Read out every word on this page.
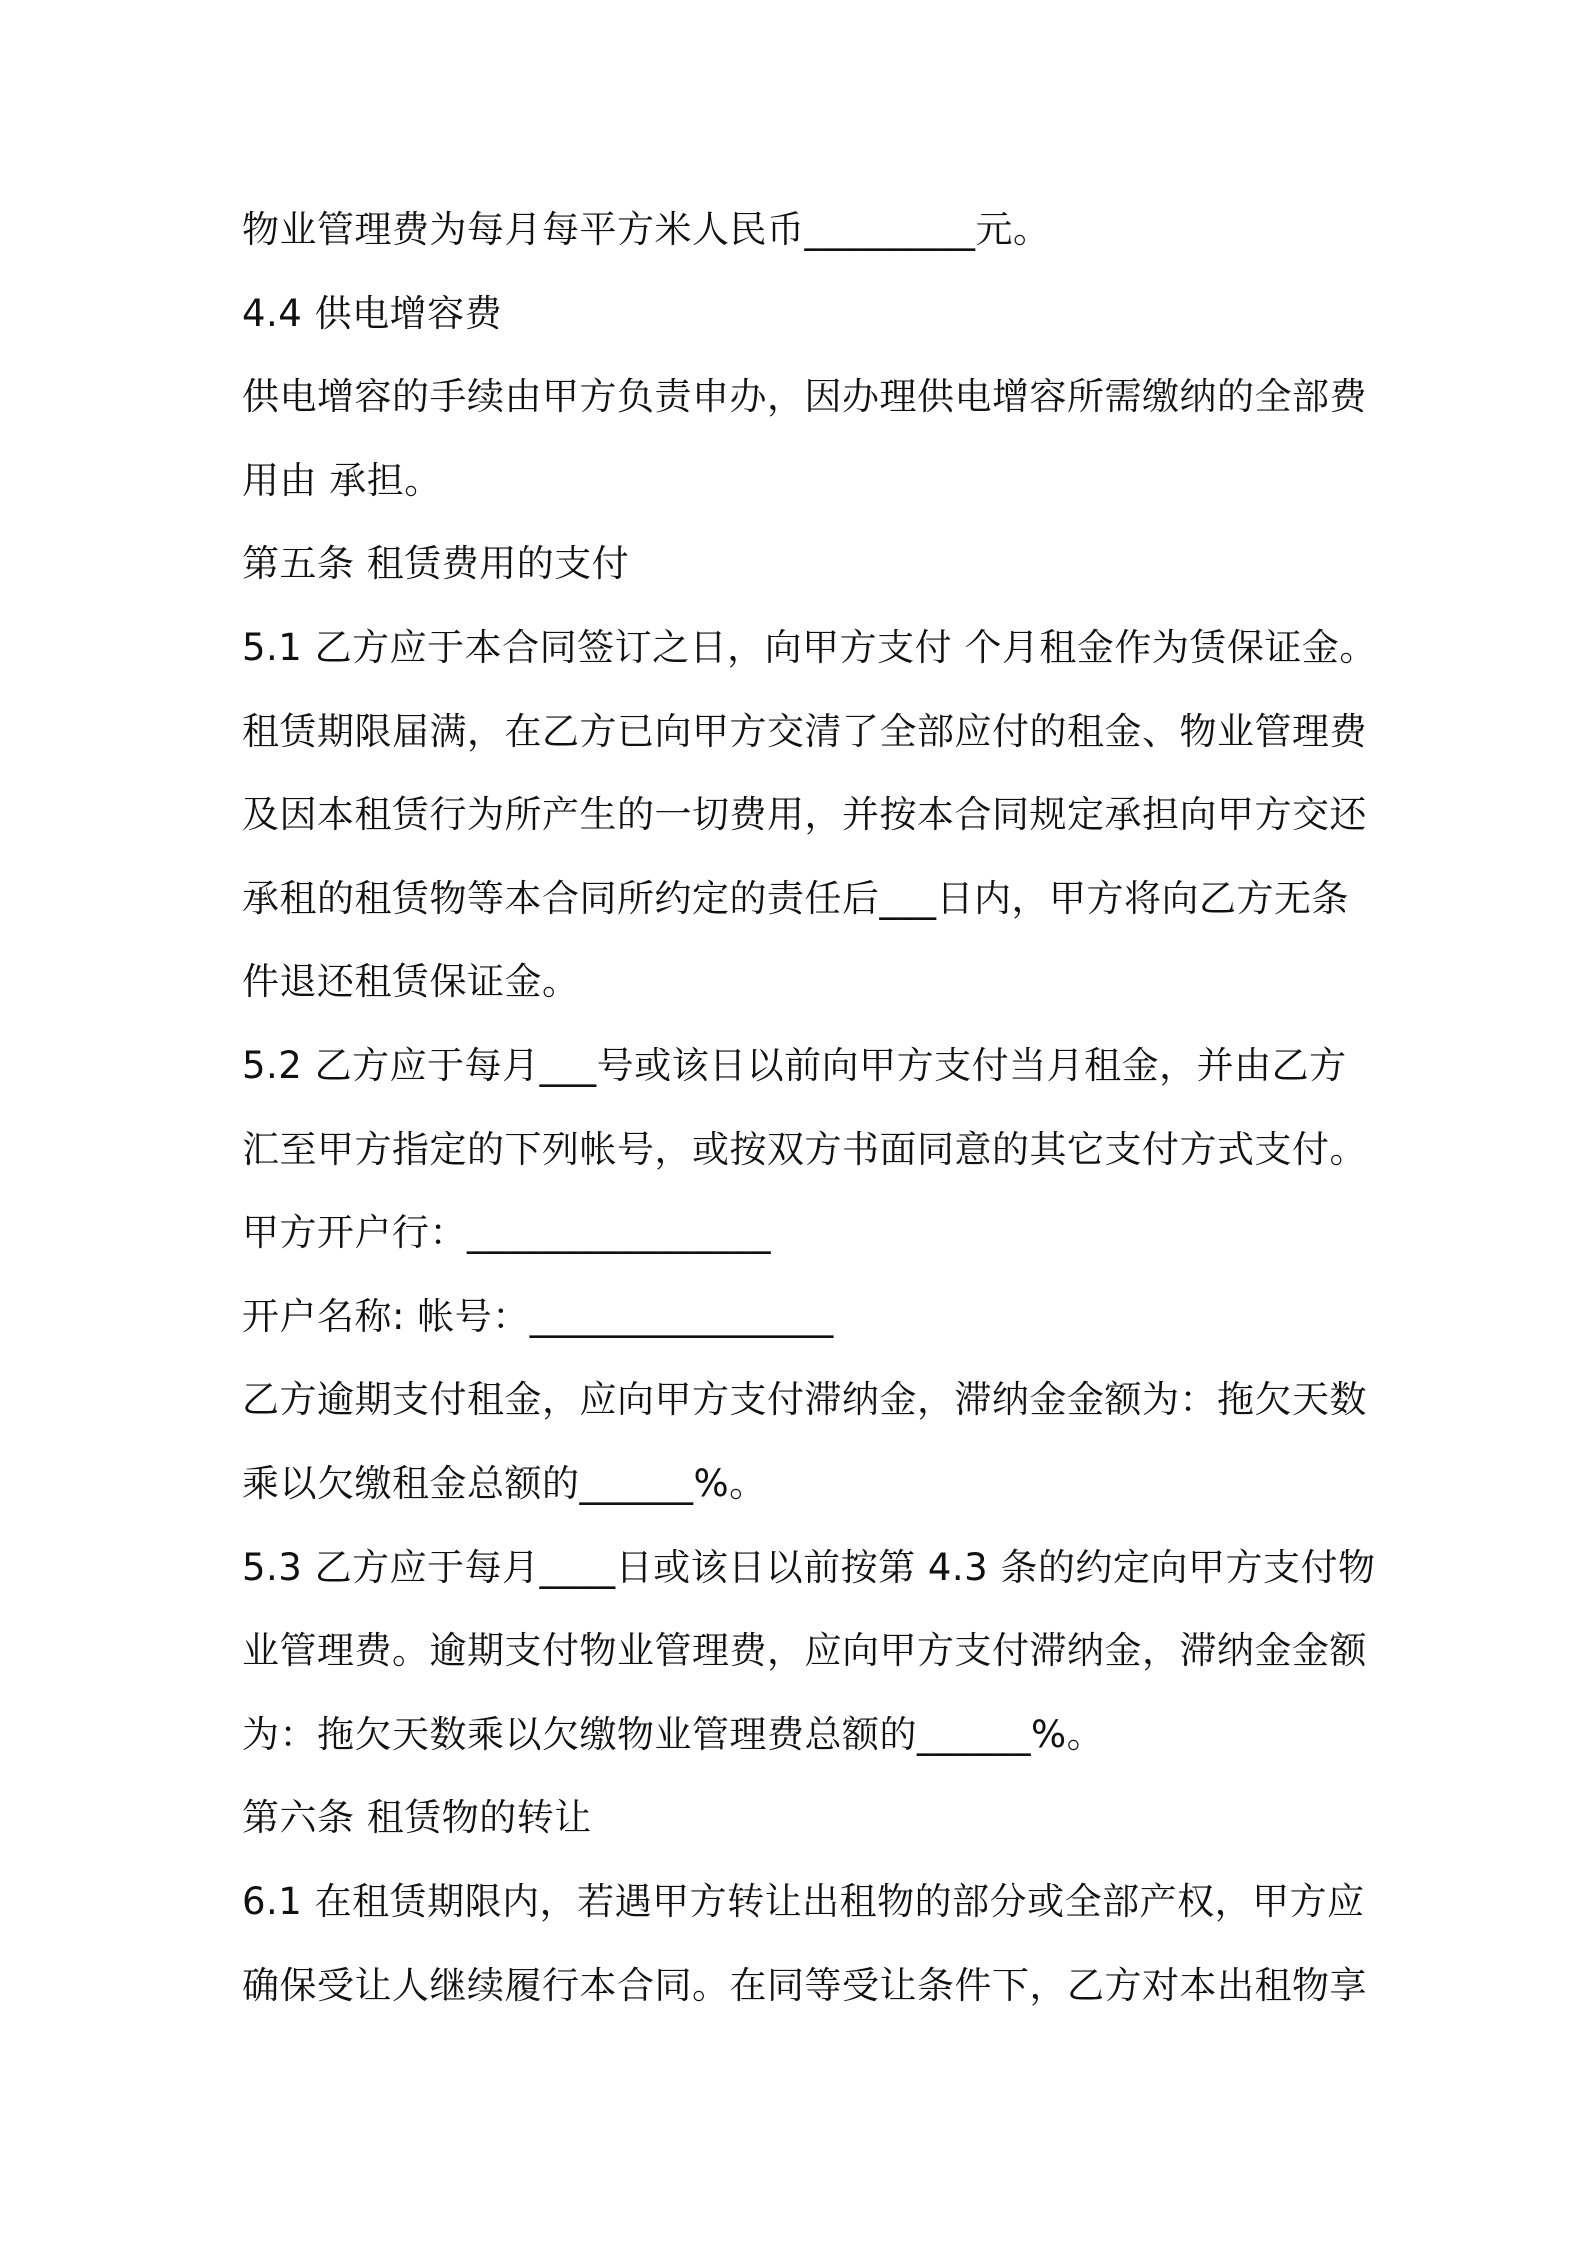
物业管理费为每月每平方米人民币_________元。
4.4 供电增容费
供电增容的手续由甲方负责申办，因办理供电增容所需缴纳的全部费
用由 承担。
第五条 租赁费用的支付
5.1 乙方应于本合同签订之日，向甲方支付 个月租金作为赁保证金。
租赁期限届满，在乙方已向甲方交清了全部应付的租金、物业管理费
及因本租赁行为所产生的一切费用，并按本合同规定承担向甲方交还
承租的租赁物等本合同所约定的责任后___日内，甲方将向乙方无条
件退还租赁保证金。
5.2 乙方应于每月___号或该日以前向甲方支付当月租金，并由乙方
汇至甲方指定的下列帐号，或按双方书面同意的其它支付方式支付。
甲方开户行：________________
开户名称: 帐号：________________
乙方逾期支付租金，应向甲方支付滞纳金，滞纳金金额为：拖欠天数
乘以欠缴租金总额的______%。
5.3 乙方应于每月____日或该日以前按第 4.3 条的约定向甲方支付物
业管理费。逾期支付物业管理费，应向甲方支付滞纳金，滞纳金金额
为：拖欠天数乘以欠缴物业管理费总额的______%。
第六条 租赁物的转让
6.1 在租赁期限内，若遇甲方转让出租物的部分或全部产权，甲方应
确保受让人继续履行本合同。在同等受让条件下，乙方对本出租物享
